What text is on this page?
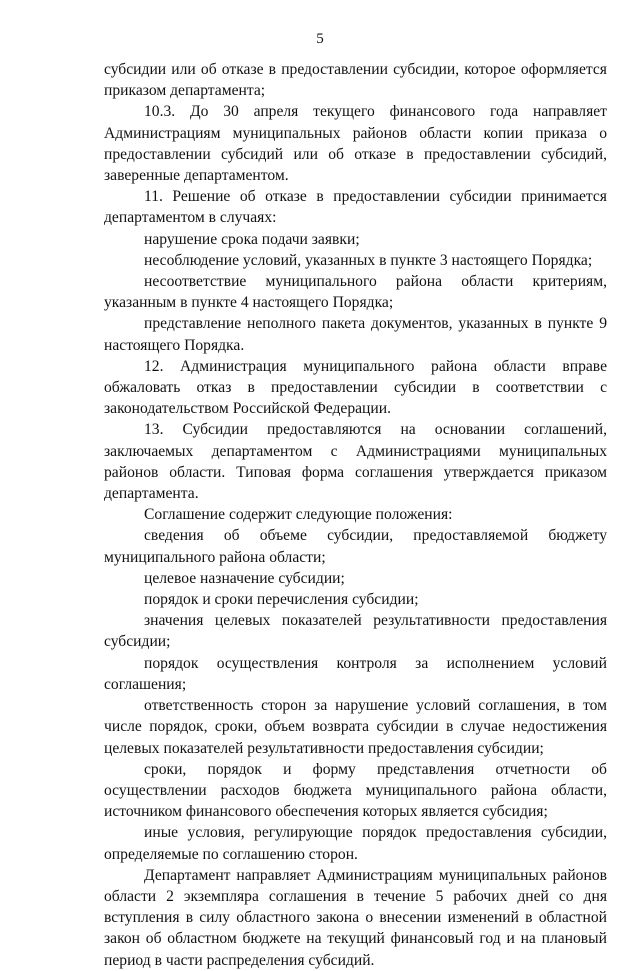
5

субсидии или об отказе в предоставлении субсидии, которое оформляется приказом департамента;

10.3. До 30 апреля текущего финансового года направляет Администрациям муниципальных районов области копии приказа о предоставлении субсидий или об отказе в предоставлении субсидий, заверенные департаментом.

11. Решение об отказе в предоставлении субсидии принимается департаментом в случаях:

нарушение срока подачи заявки;

несоблюдение условий, указанных в пункте 3 настоящего Порядка;

несоответствие муниципального района области критериям, указанным в пункте 4 настоящего Порядка;

представление неполного пакета документов, указанных в пункте 9 настоящего Порядка.

12. Администрация муниципального района области вправе обжаловать отказ в предоставлении субсидии в соответствии с законодательством Российской Федерации.

13. Субсидии предоставляются на основании соглашений, заключаемых департаментом с Администрациями муниципальных районов области. Типовая форма соглашения утверждается приказом департамента.

Соглашение содержит следующие положения:

сведения об объеме субсидии, предоставляемой бюджету муниципального района области;

целевое назначение субсидии;

порядок и сроки перечисления субсидии;

значения целевых показателей результативности предоставления субсидии;

порядок осуществления контроля за исполнением условий соглашения;

ответственность сторон за нарушение условий соглашения, в том числе порядок, сроки, объем возврата субсидии в случае недостижения целевых показателей результативности предоставления субсидии;

сроки, порядок и форму представления отчетности об осуществлении расходов бюджета муниципального района области, источником финансового обеспечения которых является субсидия;

иные условия, регулирующие порядок предоставления субсидии, определяемые по соглашению сторон.

Департамент направляет Администрациям муниципальных районов области 2 экземпляра соглашения в течение 5 рабочих дней со дня вступления в силу областного закона о внесении изменений в областной закон об областном бюджете на текущий финансовый год и на плановый период в части распределения субсидий.
